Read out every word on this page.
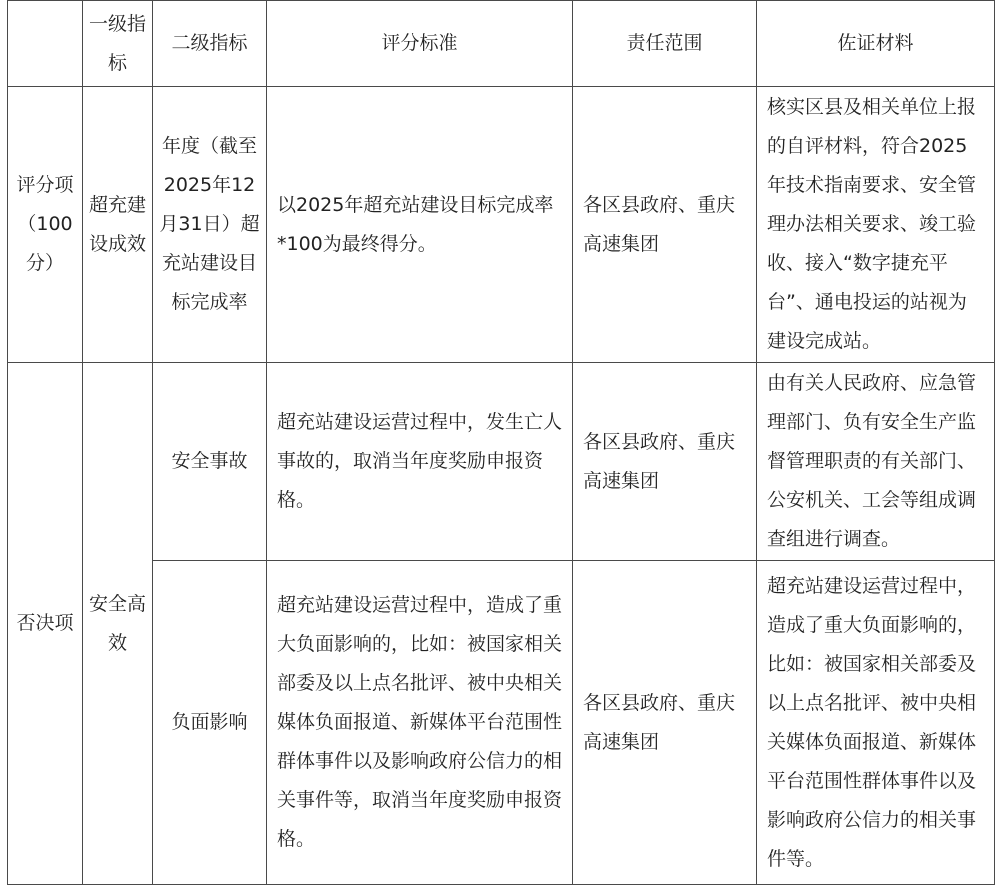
	一级指标	二级指标	评分标准	责任范围	佐证材料
评分项（100分）	超充建设成效	年度（截至2025年12月31日）超充站建设目标完成率	以2025年超充站建设目标完成率*100为最终得分。	各区县政府、重庆高速集团	核实区县及相关单位上报的自评材料，符合2025年技术指南要求、安全管理办法相关要求、竣工验收、接入“数字捷充平台”、通电投运的站视为建设完成站。
否决项	安全高效	安全事故	超充站建设运营过程中，发生亡人事故的，取消当年度奖励申报资格。	各区县政府、重庆高速集团	由有关人民政府、应急管理部门、负有安全生产监督管理职责的有关部门、公安机关、工会等组成调查组进行调查。
		负面影响	超充站建设运营过程中，造成了重大负面影响的，比如：被国家相关部委及以上点名批评、被中央相关媒体负面报道、新媒体平台范围性群体事件以及影响政府公信力的相关事件等，取消当年度奖励申报资格。	各区县政府、重庆高速集团	超充站建设运营过程中，造成了重大负面影响的，比如：被国家相关部委及以上点名批评、被中央相关媒体负面报道、新媒体平台范围性群体事件以及影响政府公信力的相关事件等。
